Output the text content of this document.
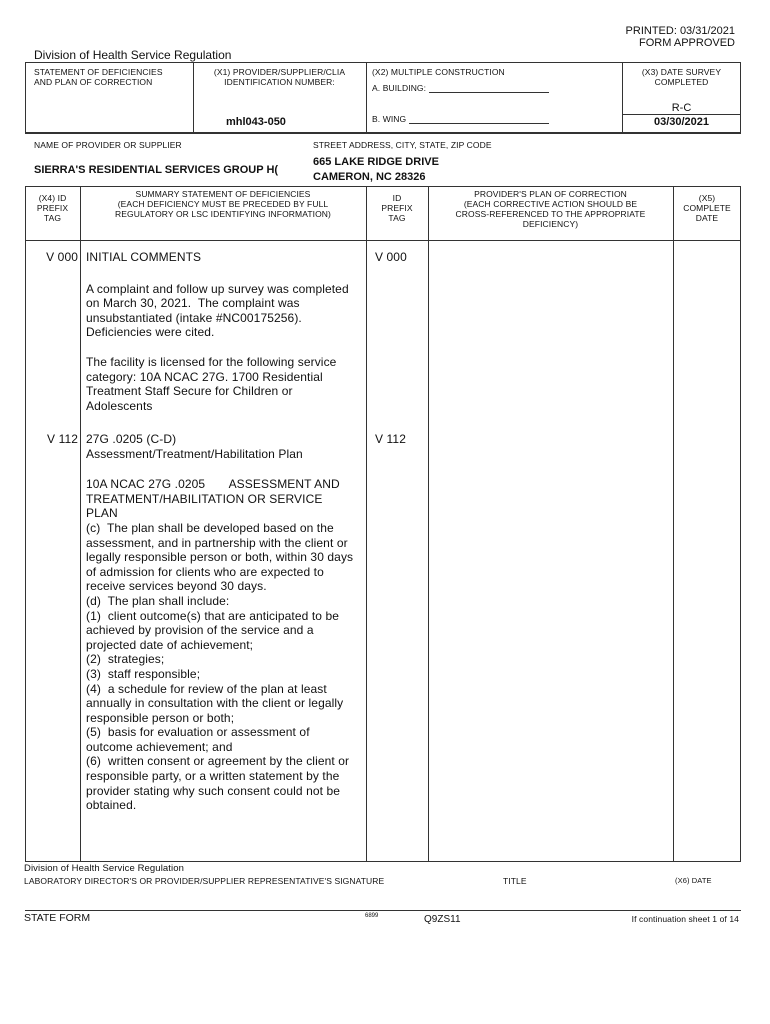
PRINTED: 03/31/2021
FORM APPROVED
Division of Health Service Regulation
STATEMENT OF DEFICIENCIES
AND PLAN OF CORRECTION
(X1) PROVIDER/SUPPLIER/CLIA
IDENTIFICATION NUMBER:
mhl043-050
(X2) MULTIPLE CONSTRUCTION
A. BUILDING:
B. WING
(X3) DATE SURVEY
COMPLETED
R-C
03/30/2021
NAME OF PROVIDER OR SUPPLIER
SIERRA'S RESIDENTIAL SERVICES GROUP H(
STREET ADDRESS, CITY, STATE, ZIP CODE
665 LAKE RIDGE DRIVE
CAMERON, NC 28326
(X4) ID
PREFIX
TAG
SUMMARY STATEMENT OF DEFICIENCIES
(EACH DEFICIENCY MUST BE PRECEDED BY FULL
REGULATORY OR LSC IDENTIFYING INFORMATION)
ID
PREFIX
TAG
PROVIDER'S PLAN OF CORRECTION
(EACH CORRECTIVE ACTION SHOULD BE
CROSS-REFERENCED TO THE APPROPRIATE
DEFICIENCY)
(X5)
COMPLETE
DATE
V 000	V 000

INITIAL COMMENTS

A complaint and follow up survey was completed
on March 30, 2021.  The complaint was
unsubstantiated (intake #NC00175256).
Deficiencies were cited.

The facility is licensed for the following service
category: 10A NCAC 27G. 1700 Residential
Treatment Staff Secure for Children or
Adolescents

V 112	V 112

27G .0205 (C-D)
Assessment/Treatment/Habilitation Plan

10A NCAC 27G .0205       ASSESSMENT AND
TREATMENT/HABILITATION OR SERVICE
PLAN
(c)  The plan shall be developed based on the
assessment, and in partnership with the client or
legally responsible person or both, within 30 days
of admission for clients who are expected to
receive services beyond 30 days.
(d)  The plan shall include:
(1)  client outcome(s) that are anticipated to be
achieved by provision of the service and a
projected date of achievement;
(2)  strategies;
(3)  staff responsible;
(4)  a schedule for review of the plan at least
annually in consultation with the client or legally
responsible person or both;
(5)  basis for evaluation or assessment of
outcome achievement; and
(6)  written consent or agreement by the client or
responsible party, or a written statement by the
provider stating why such consent could not be
obtained.

Division of Health Service Regulation
LABORATORY DIRECTOR'S OR PROVIDER/SUPPLIER REPRESENTATIVE'S SIGNATURE	TITLE	(X6) DATE
STATE FORM	6899	Q9ZS11	If continuation sheet 1 of 14
